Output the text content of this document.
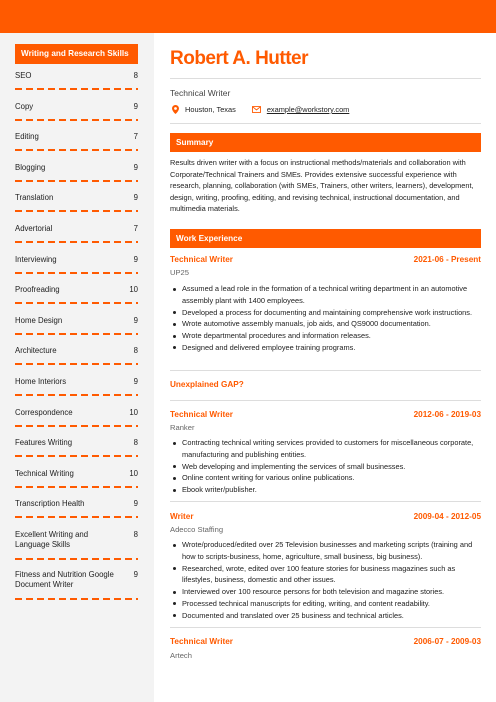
Writing and Research Skills
SEO	8
Copy	9
Editing	7
Blogging	9
Translation	9
Advertorial	7
Interviewing	9
Proofreading	10
Home Design	9
Architecture	8
Home Interiors	9
Correspondence	10
Features Writing	8
Technical Writing	10
Transcription Health	9
Excellent Writing and Language Skills
8
Fitness and Nutrition Google Document Writer
9
Robert A. Hutter
Technical Writer
Houston, Texas	example@workstory.com
Summary
Results driven writer with a focus on instructional methods/materials and collaboration with Corporate/Technical Trainers and SMEs. Provides extensive successful experience with research, planning, collaboration (with SMEs, Trainers, other writers, learners), development, design, writing, proofing, editing, and revising technical, instructional documentation, and multimedia materials.
Work Experience
Technical Writer	2021-06 - Present
UP25
Assumed a lead role in the formation of a technical writing department in an automotive assembly plant with 1400 employees.
Developed a process for documenting and maintaining comprehensive work instructions.
Wrote automotive assembly manuals, job aids, and QS9000 documentation.
Wrote departmental procedures and information releases.
Designed and delivered employee training programs.
Unexplained GAP?
Technical Writer	2012-06 - 2019-03
Ranker
Contracting technical writing services provided to customers for miscellaneous corporate, manufacturing and publishing entities.
Web developing and implementing the services of small businesses.
Online content writing for various online publications.
Ebook writer/publisher.
Writer	2009-04 - 2012-05
Adecco Staffing
Wrote/produced/edited over 25 Television businesses and marketing scripts (training and how to scripts-business, home, agriculture, small business, big business).
Researched, wrote, edited over 100 feature stories for business magazines such as lifestyles, business, domestic and other issues.
Interviewed over 100 resource persons for both television and magazine stories.
Processed technical manuscripts for editing, writing, and content readability.
Documented and translated over 25 business and technical articles.
Technical Writer	2006-07 - 2009-03
Artech
